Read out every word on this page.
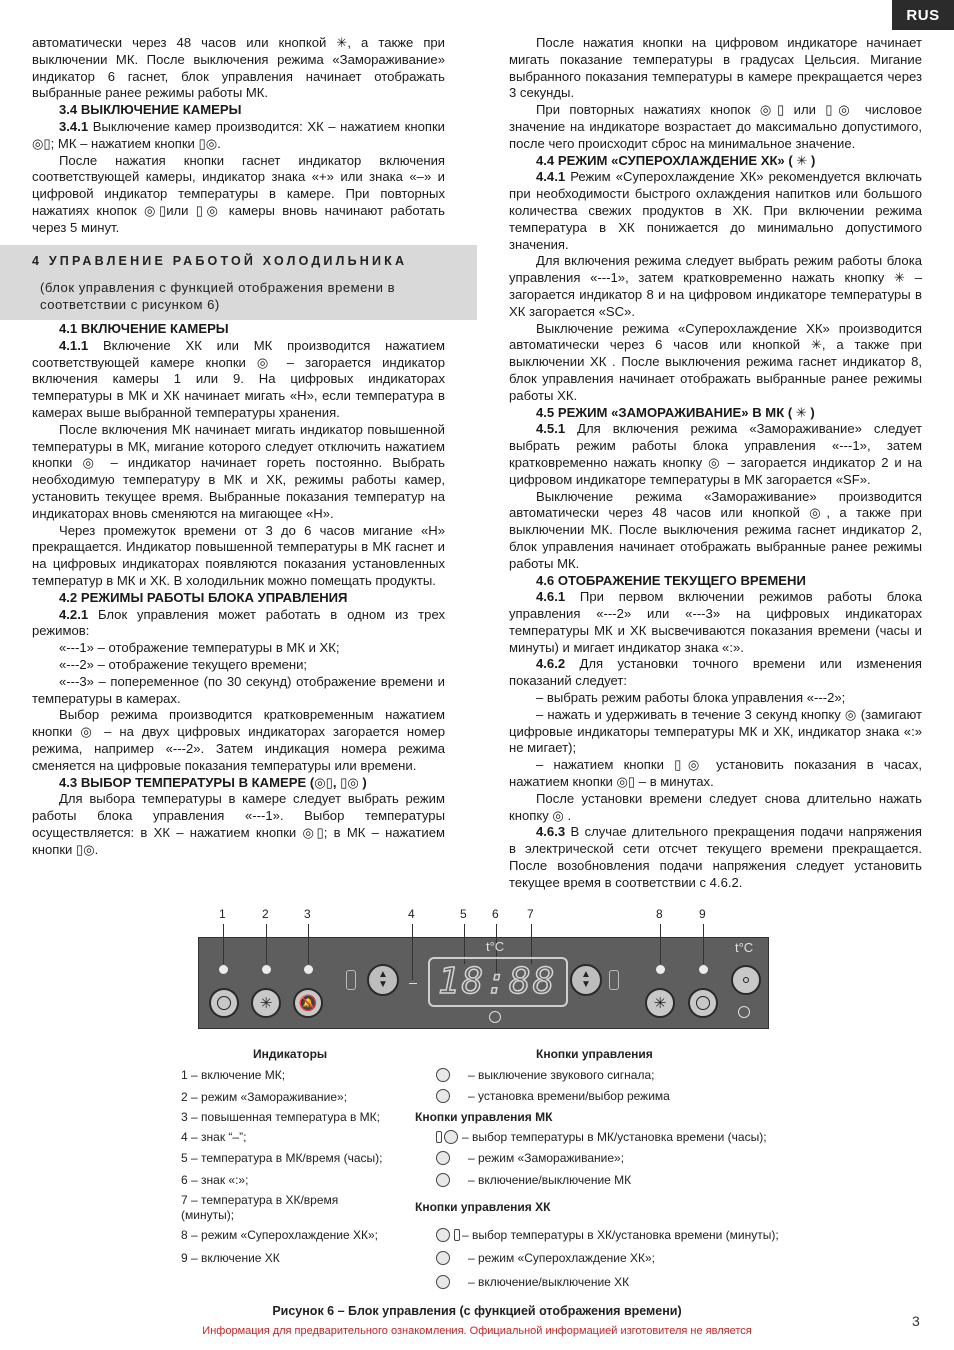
RUS

автоматически через 48 часов или кнопкой ✳, а также при выключении МК. После выключения режима «Замораживание» индикатор 6 гаснет, блок управления начинает отображать выбранные ранее режимы работы МК.

3.4 ВЫКЛЮЧЕНИЕ КАМЕРЫ

3.4.1 Выключение камер производится: ХК – нажатием кнопки ◎▯; МК – нажатием кнопки ▯◎.

После нажатия кнопки гаснет индикатор включения соответствующей камеры, индикатор знака «+» или знака «–» и цифровой индикатор температуры в камере. При повторных нажатиях кнопок ◎▯или ▯◎ камеры вновь начинают работать через 5 минут.

4 УПРАВЛЕНИЕ РАБОТОЙ ХОЛОДИЛЬНИКА
(блок управления с функцией отображения времени в соответствии с рисунком 6)

4.1 ВКЛЮЧЕНИЕ КАМЕРЫ

4.1.1 Включение ХК или МК производится нажатием соответствующей камере кнопки ◎ – загорается индикатор включения камеры 1 или 9. На цифровых индикаторах температуры в МК и ХК начинает мигать «Н», если температура в камерах выше выбранной температуры хранения.

После включения МК начинает мигать индикатор повышенной температуры в МК, мигание которого следует отключить нажатием кнопки ◎ – индикатор начинает гореть постоянно. Выбрать необходимую температуру в МК и ХК, режимы работы камер, установить текущее время. Выбранные показания температур на индикаторах вновь сменяются на мигающее «Н».

Через промежуток времени от 3 до 6 часов мигание «Н» прекращается. Индикатор повышенной температуры в МК гаснет и на цифровых индикаторах появляются показания установленных температур в МК и ХК. В холодильник можно помещать продукты.

4.2 РЕЖИМЫ РАБОТЫ БЛОКА УПРАВЛЕНИЯ

4.2.1 Блок управления может работать в одном из трех режимов:

«---1» – отображение температуры в МК и ХК;

«---2» – отображение текущего времени;

«---3» – попеременное (по 30 секунд) отображение времени и температуры в камерах.

Выбор режима производится кратковременным нажатием кнопки ◎ – на двух цифровых индикаторах загорается номер режима, например «---2». Затем индикация номера режима сменяется на цифровые показания температуры или времени.

4.3 ВЫБОР ТЕМПЕРАТУРЫ В КАМЕРЕ (◎▯, ▯◎ )

Для выбора температуры в камере следует выбрать режим работы блока управления «---1». Выбор температуры осуществляется: в ХК – нажатием кнопки ◎▯; в МК – нажатием кнопки ▯◎.

После нажатия кнопки на цифровом индикаторе начинает мигать показание температуры в градусах Цельсия. Мигание выбранного показания температуры в камере прекращается через 3 секунды.

При повторных нажатиях кнопок ◎▯ или ▯◎ числовое значение на индикаторе возрастает до максимально допустимого, после чего происходит сброс на минимальное значение.

4.4 РЕЖИМ «СУПЕРОХЛАЖДЕНИЕ ХК» ( ✳ )

4.4.1 Режим «Суперохлаждение ХК» рекомендуется включать при необходимости быстрого охлаждения напитков или большого количества свежих продуктов в ХК. При включении режима температура в ХК понижается до минимально допустимого значения.

Для включения режима следует выбрать режим работы блока управления «---1», затем кратковременно нажать кнопку ✳ – загорается индикатор 8 и на цифровом индикаторе температуры в ХК загорается «SC».

Выключение режима «Суперохлаждение ХК» производится автоматически через 6 часов или кнопкой ✳, а также при выключении ХК . После выключения режима гаснет индикатор 8, блок управления начинает отображать выбранные ранее режимы работы ХК.

4.5 РЕЖИМ «ЗАМОРАЖИВАНИЕ» В МК ( ✳ )

4.5.1 Для включения режима «Замораживание» следует выбрать режим работы блока управления «---1», затем кратковременно нажать кнопку ◎ – загорается индикатор 2 и на цифровом индикаторе температуры в МК загорается «SF».

Выключение режима «Замораживание» производится автоматически через 48 часов или кнопкой ◎, а также при выключении МК. После выключения режима гаснет индикатор 2, блок управления начинает отображать выбранные ранее режимы работы МК.

4.6 ОТОБРАЖЕНИЕ ТЕКУЩЕГО ВРЕМЕНИ

4.6.1 При первом включении режимов работы блока управления «---2» или «---3» на цифровых индикаторах температуры МК и ХК высвечиваются показания времени (часы и минуты) и мигает индикатор знака «:».

4.6.2 Для установки точного времени или изменения показаний следует:

– выбрать режим работы блока управления «---2»;

– нажать и удерживать в течение 3 секунд кнопку ◎ (замигают цифровые индикаторы температуры МК и ХК, индикатор знака «:» не мигает);

– нажатием кнопки ▯◎ установить показания в часах, нажатием кнопки ◎▯ – в минутах.

После установки времени следует снова длительно нажать кнопку ◎ .

4.6.3 В случае длительного прекращения подачи напряжения в электрической сети отсчет текущего времени прекращается. После возобновления подачи напряжения следует установить текущее время в соответствии с 4.6.2.

1	2	3	4	5 6 7	8	9
✳ 🔕	✳
▲
▼
▲
▼
t°C	t°C
18:88
Индикаторы
1 – включение МК;
2 – режим «Замораживание»;
3 – повышенная температура в МК;
4 – знак “–”;
5 – температура в МК/время (часы);
6 – знак «:»;
7 – температура в ХК/время (минуты);
8 – режим «Суперохлаждение ХК»;
9 – включение ХК
Кнопки управления
– выключение звукового сигнала;
– установка времени/выбор режима
Кнопки управления МК
– выбор температуры в МК/установка времени (часы);
– режим «Замораживание»;
– включение/выключение МК
Кнопки управления ХК
– выбор температуры в ХК/установка времени (минуты);
– режим «Суперохлаждение ХК»;
– включение/выключение ХК
Рисунок 6 – Блок управления (с функцией отображения времени)
Информация для предварительного ознакомления. Официальной информацией изготовителя не является
3
